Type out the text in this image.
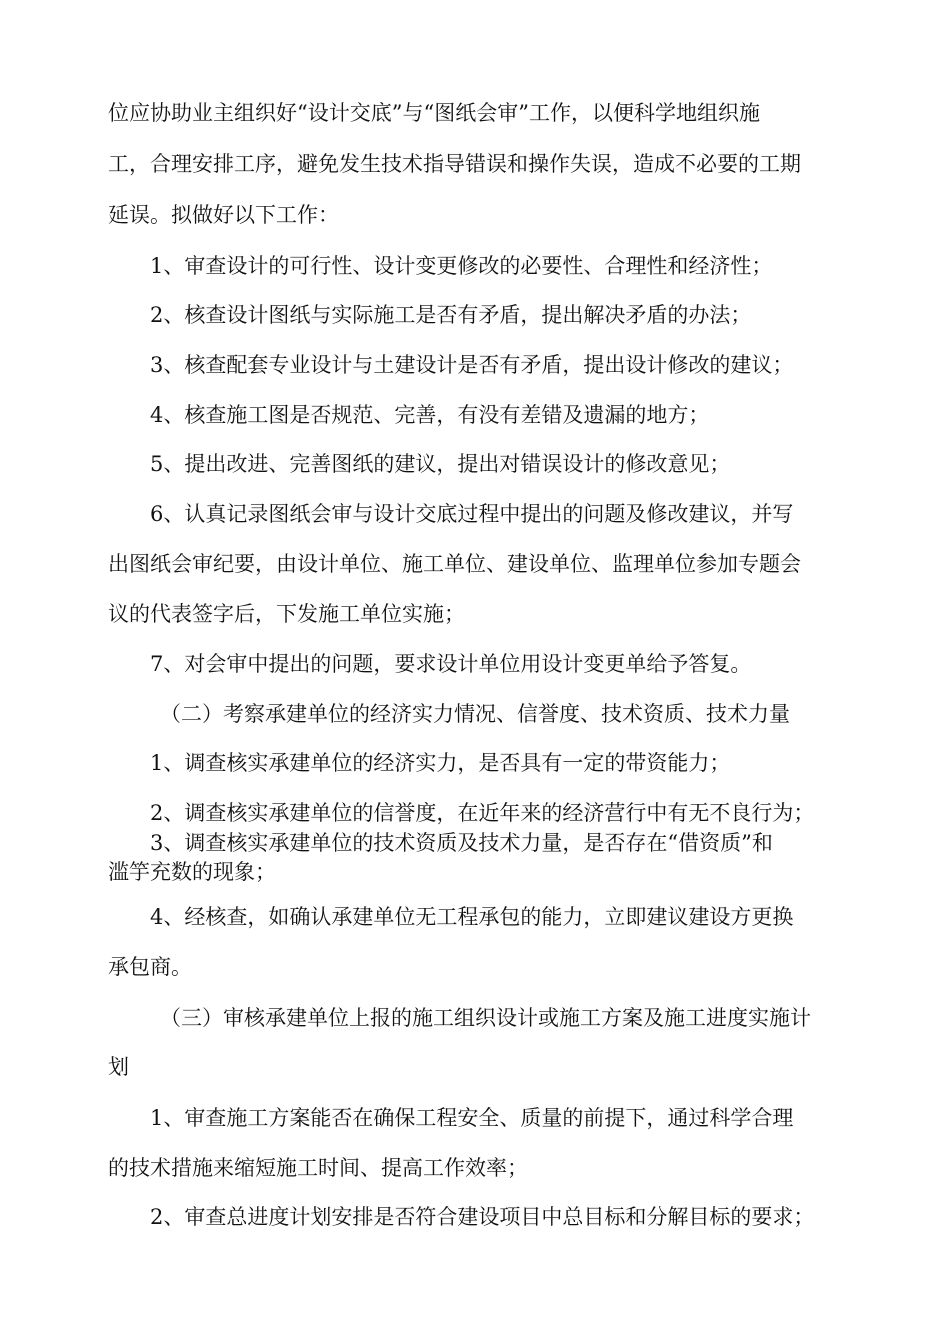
位应协助业主组织好“设计交底”与“图纸会审”工作，以便科学地组织施

工，合理安排工序，避免发生技术指导错误和操作失误，造成不必要的工期

延误。拟做好以下工作：

1、审查设计的可行性、设计变更修改的必要性、合理性和经济性；

2、核查设计图纸与实际施工是否有矛盾，提出解决矛盾的办法；

3、核查配套专业设计与土建设计是否有矛盾，提出设计修改的建议；

4、核查施工图是否规范、完善，有没有差错及遗漏的地方；

5、提出改进、完善图纸的建议，提出对错误设计的修改意见；

6、认真记录图纸会审与设计交底过程中提出的问题及修改建议，并写

出图纸会审纪要，由设计单位、施工单位、建设单位、监理单位参加专题会

议的代表签字后，下发施工单位实施；

7、对会审中提出的问题，要求设计单位用设计变更单给予答复。

（二）考察承建单位的经济实力情况、信誉度、技术资质、技术力量

1、调查核实承建单位的经济实力，是否具有一定的带资能力；

2、调查核实承建单位的信誉度，在近年来的经济营行中有无不良行为；

3、调查核实承建单位的技术资质及技术力量，是否存在“借资质”和

滥竽充数的现象；

4、经核查，如确认承建单位无工程承包的能力，立即建议建设方更换

承包商。

（三）审核承建单位上报的施工组织设计或施工方案及施工进度实施计

划

1、审查施工方案能否在确保工程安全、质量的前提下，通过科学合理

的技术措施来缩短施工时间、提高工作效率；

2、审查总进度计划安排是否符合建设项目中总目标和分解目标的要求；
